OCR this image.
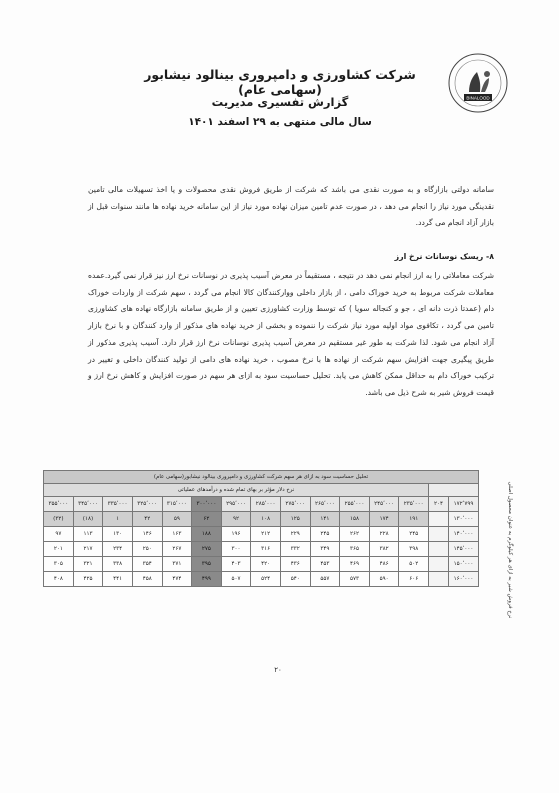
BINALOOD
شرکت کشاورزی و دامپروری بینالود نیشابور (سهامی عام)
گزارش تفسیری مدیریت
سال مالی منتهی به ۲۹ اسفند ۱۴۰۱
سامانه دولتی بازارگاه و به صورت نقدی می باشد که شرکت از طریق فروش نقدی محصولات و یا اخذ تسهیلات مالی تامین نقدینگی مورد نیاز را انجام می دهد ، در صورت عدم تامین میزان نهاده مورد نیاز از این سامانه خرید نهاده ها مانند سنوات قبل از بازار آزاد انجام می گردد.
۸- ریسک نوسانات نرخ ارز
شرکت معاملاتی را به ارز انجام نمی دهد در نتیجه ، مستقیماً در معرض آسیب پذیری در نوسانات نرخ ارز نیز قرار نمی گیرد.عمده معاملات شرکت مربوط به خرید خوراک دامی ، از بازار داخلی ووارکنندگان کالا انجام می گردد ، سهم شرکت از واردات خوراک دام (عمدتا ذرت دانه ای ، جو و کنجاله سویا ) که توسط وزارت کشاورزی تعیین و از طریق سامانه بازارگاه نهاده های کشاورزی تامین می گردد ، تکافوی مواد اولیه مورد نیاز شرکت را ننموده و بخشی از خرید نهاده های مذکور از وارد کنندگان و با نرخ بازار آزاد انجام می شود. لذا شرکت به طور غیر مستقیم در معرض آسیب پذیری نوسانات نرخ ارز قرار دارد. آسیب پذیری مذکور از طریق پیگیری جهت افزایش سهم شرکت از نهاده ها با نرخ مصوب ، خرید نهاده های دامی از تولید کنندگان داخلی و تغییر در ترکیب خوراک دام به حداقل ممکن کاهش می یابد. تحلیل حساسیت سود به ازای هر سهم در صورت افزایش و کاهش نرخ ارز و قیمت فروش شیر به شرح ذیل می باشد.
تحلیل حساسیت سود به ازای هر سهم شرکت کشاورزی و دامپروری بینالود نیشابور(سهامی عام)														
		نرخ دلار مؤثر بر بهای تمام شده و درآمدهای عملیاتی												
۱۷۲٬۷۹۹	۲۰۴	۲۳۵٬۰۰۰	۲۴۵٬۰۰۰	۲۵۵٬۰۰۰	۲۶۵٬۰۰۰	۲۷۵٬۰۰۰	۲۸۵٬۰۰۰	۲۹۵٬۰۰۰	۳۰۰٬۰۰۰	۳۱۵٬۰۰۰	۳۲۵٬۰۰۰	۳۳۵٬۰۰۰	۳۴۵٬۰۰۰	۳۵۵٬۰۰۰
۱۳۰٬۰۰۰		۱۹۱	۱۷۴	۱۵۸	۱۴۱	۱۲۵	۱۰۸	۹۲	۶۲	۵۹	۴۲	۱	(۱۸)	(۳۲)
۱۴۰٬۰۰۰		۲۴۵	۲۲۸	۲۶۲	۲۴۵	۲۲۹	۲۱۲	۱۹۶	۱۸۸	۱۶۳	۱۴۶	۱۳۰	۱۱۳	۹۷
۱۴۵٬۰۰۰		۳۹۸	۳۸۲	۳۶۵	۳۴۹	۳۳۲	۳۱۶	۳۰۰	۲۷۵	۲۶۷	۲۵۰	۲۳۴	۲۱۷	۲۰۱
۱۵۰٬۰۰۰		۵۰۲	۴۸۶	۴۶۹	۴۵۳	۴۳۶	۴۲۰	۴۰۳	۳۹۵	۳۷۱	۳۵۴	۳۳۸	۳۲۱	۳۰۵
۱۶۰٬۰۰۰		۶۰۶	۵۹۰	۵۷۳	۵۵۷	۵۴۰	۵۲۴	۵۰۷	۴۹۹	۴۷۴	۴۵۸	۴۴۱	۴۲۵	۴۰۸	نرخ فروش شیر به ازای هر کیلوگرم به عنوان محصول اصلی
۲۰
